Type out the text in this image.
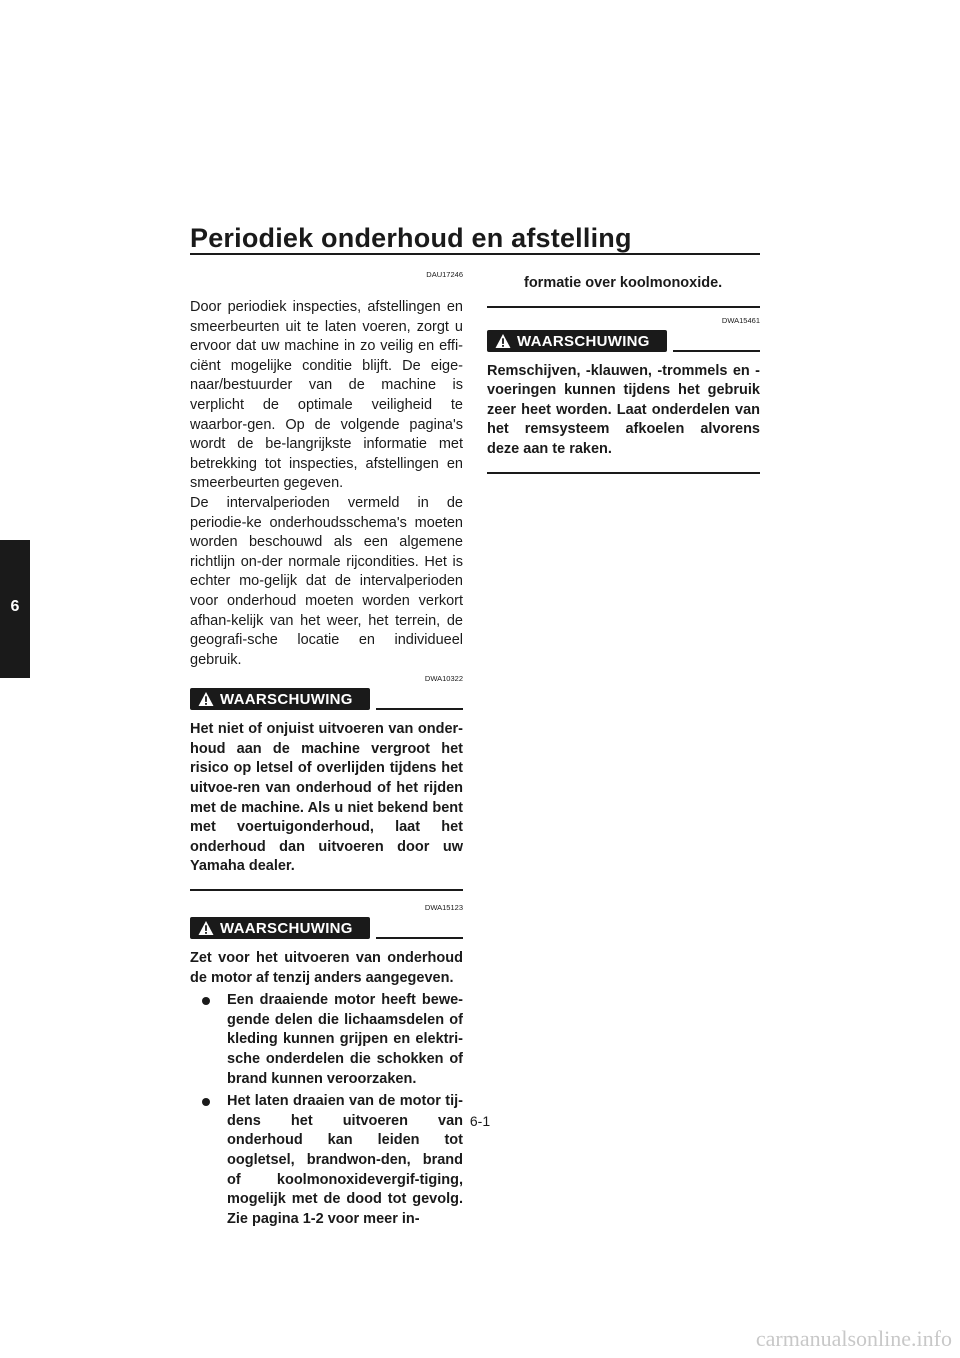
Periodiek onderhoud en afstelling
6
DAU17246

Door periodiek inspecties, afstellingen en smeerbeurten uit te laten voeren, zorgt u ervoor dat uw machine in zo veilig en effi-ciënt mogelijke conditie blijft. De eige-naar/bestuurder van de machine is verplicht de optimale veiligheid te waarbor-gen. Op de volgende pagina's wordt de be-langrijkste informatie met betrekking tot inspecties, afstellingen en smeerbeurten gegeven.

De intervalperioden vermeld in de periodie-ke onderhoudsschema's moeten worden beschouwd als een algemene richtlijn on-der normale rijcondities. Het is echter mo-gelijk dat de intervalperioden voor onderhoud moeten worden verkort afhan-kelijk van het weer, het terrein, de geografi-sche locatie en individueel gebruik.

DWA10322
WAARSCHUWING

Het niet of onjuist uitvoeren van onder-houd aan de machine vergroot het risico op letsel of overlijden tijdens het uitvoe-ren van onderhoud of het rijden met de machine. Als u niet bekend bent met voertuigonderhoud, laat het onderhoud dan uitvoeren door uw Yamaha dealer.

DWA15123
WAARSCHUWING

Zet voor het uitvoeren van onderhoud de motor af tenzij anders aangegeven.

Een draaiende motor heeft bewe-gende delen die lichaamsdelen of kleding kunnen grijpen en elektri-sche onderdelen die schokken of brand kunnen veroorzaken.
Het laten draaien van de motor tij-dens het uitvoeren van onderhoud kan leiden tot oogletsel, brandwon-den, brand of koolmonoxidevergif-tiging, mogelijk met de dood tot gevolg. Zie pagina 1-2 voor meer in-

formatie over koolmonoxide.

DWA15461
WAARSCHUWING

Remschijven, -klauwen, -trommels en -voeringen kunnen tijdens het gebruik zeer heet worden. Laat onderdelen van het remsysteem afkoelen alvorens deze aan te raken.

6-1
carmanualsonline.info
